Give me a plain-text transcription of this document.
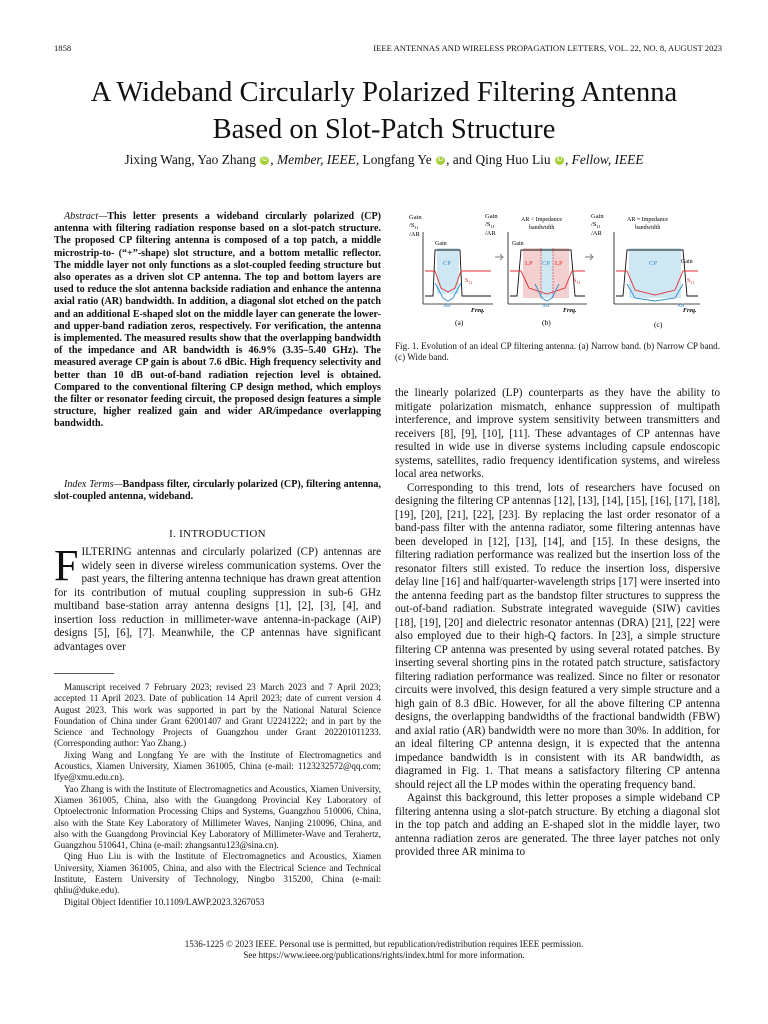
1858	IEEE ANTENNAS AND WIRELESS PROPAGATION LETTERS, VOL. 22, NO. 8, AUGUST 2023
A Wideband Circularly Polarized Filtering Antenna
Based on Slot-Patch Structure
Jixing Wang, Yao Zhang iD , Member, IEEE, Longfang Ye iD , and Qing Huo Liu iD , Fellow, IEEE

Abstract—This letter presents a wideband circularly polarized (CP) antenna with filtering radiation response based on a slot-patch structure. The proposed CP filtering antenna is composed of a top patch, a middle microstrip-to- (“+”-shape) slot structure, and a bottom metallic reflector. The middle layer not only functions as a slot-coupled feeding structure but also operates as a driven slot CP antenna. The top and bottom layers are used to reduce the slot antenna backside radiation and enhance the antenna axial ratio (AR) bandwidth. In addition, a diagonal slot etched on the patch and an additional E-shaped slot on the middle layer can generate the lower- and upper-band radiation zeros, respectively. For verification, the antenna is implemented. The measured results show that the overlapping bandwidth of the impedance and AR bandwidth is 46.9% (3.35–5.40 GHz). The measured average CP gain is about 7.6 dBic. High frequency selectivity and better than 10 dB out-of-band radiation rejection level is obtained. Compared to the conventional filtering CP design method, which employs the filter or resonator feeding circuit, the proposed design features a simple structure, higher realized gain and wider AR/impedance overlapping bandwidth.

Index Terms—Bandpass filter, circularly polarized (CP), filtering antenna, slot-coupled antenna, wideband.

I. INTRODUCTION

FILTERING antennas and circularly polarized (CP) antennas are widely seen in diverse wireless communication systems. Over the past years, the filtering antenna technique has drawn great attention for its contribution of mutual coupling suppression in sub-6 GHz multiband base-station array antenna designs [1], [2], [3], [4], and insertion loss reduction in millimeter-wave antenna-in-package (AiP) designs [5], [6], [7]. Meanwhile, the CP antennas have significant advantages over

Manuscript received 7 February 2023; revised 23 March 2023 and 7 April 2023; accepted 11 April 2023. Date of publication 14 April 2023; date of current version 4 August 2023. This work was supported in part by the National Natural Science Foundation of China under Grant 62001407 and Grant U2241222; and in part by the Science and Technology Projects of Guangzhou under Grant 202201011233. (Corresponding author: Yao Zhang.)

Jixing Wang and Longfang Ye are with the Institute of Electromagnetics and Acoustics, Xiamen University, Xiamen 361005, China (e-mail: 1123232572@qq.com; lfye@xmu.edu.cn).

Yao Zhang is with the Institute of Electromagnetics and Acoustics, Xiamen University, Xiamen 361005, China, also with the Guangdong Provincial Key Laboratory of Optoelectronic Information Processing Chips and Systems, Guangzhou 510006, China, also with the State Key Laboratory of Millimeter Waves, Nanjing 210096, China, and also with the Guangdong Provincial Key Laboratory of Millimeter-Wave and Terahertz, Guangzhou 510641, China (e-mail: zhangsantu123@sina.cn).

Qing Huo Liu is with the Institute of Electromagnetics and Acoustics, Xiamen University, Xiamen 361005, China, and also with the Electrical Science and Technical Institute, Eastern University of Technology, Ningbo 315200, China (e-mail: qhliu@duke.edu).

Digital Object Identifier 10.1109/LAWP.2023.3267053

Gain
$/S_{11}$
/AR
CP
Gain
$S_{11}$
AR
Freq.
(a)
Gain
$/S_{11}$
/AR
AR < Impedance
bandwidth
LP CP LP
Gain
$S_{11}$
AR
Freq.
(b)
Gain
$/S_{11}$
/AR
AR = Impedance
bandwidth
CP	Gain
$S_{11}$
AR
Freq.
(c)
Fig. 1. Evolution of an ideal CP filtering antenna. (a) Narrow band. (b) Narrow CP band. (c) Wide band.

the linearly polarized (LP) counterparts as they have the ability to mitigate polarization mismatch, enhance suppression of multipath interference, and improve system sensitivity between transmitters and receivers [8], [9], [10], [11]. These advantages of CP antennas have resulted in wide use in diverse systems including capsule endoscopic systems, satellites, radio frequency identification systems, and wireless local area networks.

Corresponding to this trend, lots of researchers have focused on designing the filtering CP antennas [12], [13], [14], [15], [16], [17], [18], [19], [20], [21], [22], [23]. By replacing the last order resonator of a band-pass filter with the antenna radiator, some filtering antennas have been developed in [12], [13], [14], and [15]. In these designs, the filtering radiation performance was realized but the insertion loss of the resonator filters still existed. To reduce the insertion loss, dispersive delay line [16] and half/quarter-wavelength strips [17] were inserted into the antenna feeding part as the bandstop filter structures to suppress the out-of-band radiation. Substrate integrated waveguide (SIW) cavities [18], [19], [20] and dielectric resonator antennas (DRA) [21], [22] were also employed due to their high-Q factors. In [23], a simple structure filtering CP antenna was presented by using several rotated patches. By inserting several shorting pins in the rotated patch structure, satisfactory filtering radiation performance was realized. Since no filter or resonator circuits were involved, this design featured a very simple structure and a high gain of 8.3 dBic. However, for all the above filtering CP antenna designs, the overlapping bandwidths of the fractional bandwidth (FBW) and axial ratio (AR) bandwidth were no more than 30%. In addition, for an ideal filtering CP antenna design, it is expected that the antenna impedance bandwidth is in consistent with its AR bandwidth, as diagramed in Fig. 1. That means a satisfactory filtering CP antenna should reject all the LP modes within the operating frequency band.

Against this background, this letter proposes a simple wideband CP filtering antenna using a slot-patch structure. By etching a diagonal slot in the top patch and adding an E-shaped slot in the middle layer, two antenna radiation zeros are generated. The three layer patches not only provided three AR minima to

1536-1225 © 2023 IEEE. Personal use is permitted, but republication/redistribution requires IEEE permission.
See https://www.ieee.org/publications/rights/index.html for more information.
